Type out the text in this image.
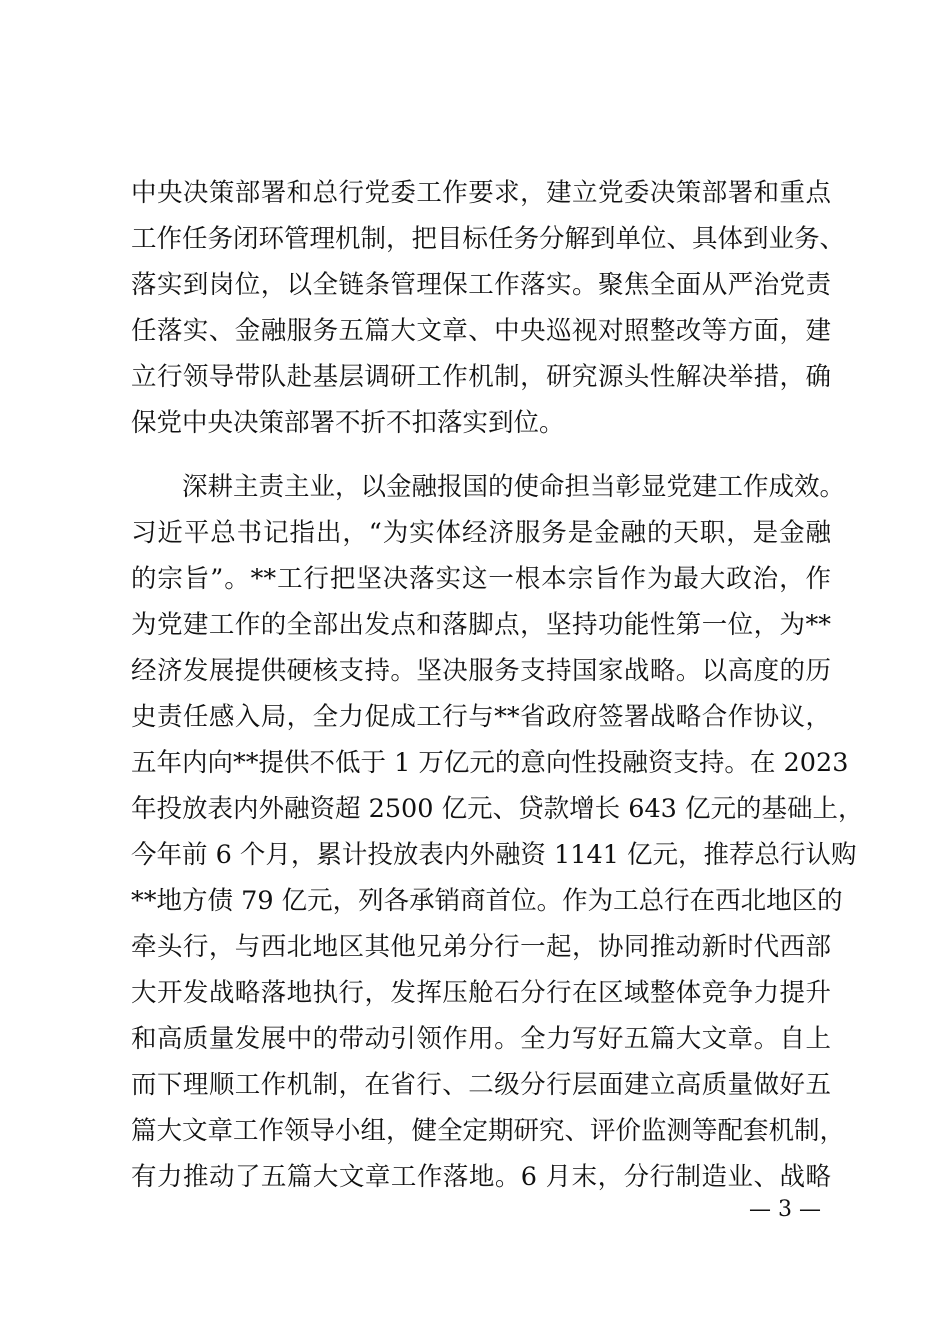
中央决策部署和总行党委工作要求，建立党委决策部署和重点
工作任务闭环管理机制，把目标任务分解到单位、具体到业务、
落实到岗位，以全链条管理保工作落实。聚焦全面从严治党责
任落实、金融服务五篇大文章、中央巡视对照整改等方面，建
立行领导带队赴基层调研工作机制，研究源头性解决举措，确
保党中央决策部署不折不扣落实到位。
　　深耕主责主业，以金融报国的使命担当彰显党建工作成效。
习近平总书记指出，“为实体经济服务是金融的天职，是金融
的宗旨”。**工行把坚决落实这一根本宗旨作为最大政治，作
为党建工作的全部出发点和落脚点，坚持功能性第一位，为**
经济发展提供硬核支持。坚决服务支持国家战略。以高度的历
史责任感入局，全力促成工行与**省政府签署战略合作协议，
五年内向**提供不低于 1 万亿元的意向性投融资支持。在 2023
年投放表内外融资超 2500 亿元、贷款增长 643 亿元的基础上，
今年前 6 个月，累计投放表内外融资 1141 亿元，推荐总行认购
**地方债 79 亿元，列各承销商首位。作为工总行在西北地区的
牵头行，与西北地区其他兄弟分行一起，协同推动新时代西部
大开发战略落地执行，发挥压舱石分行在区域整体竞争力提升
和高质量发展中的带动引领作用。全力写好五篇大文章。自上
而下理顺工作机制，在省行、二级分行层面建立高质量做好五
篇大文章工作领导小组，健全定期研究、评价监测等配套机制，
有力推动了五篇大文章工作落地。6 月末，分行制造业、战略
— 3 —
